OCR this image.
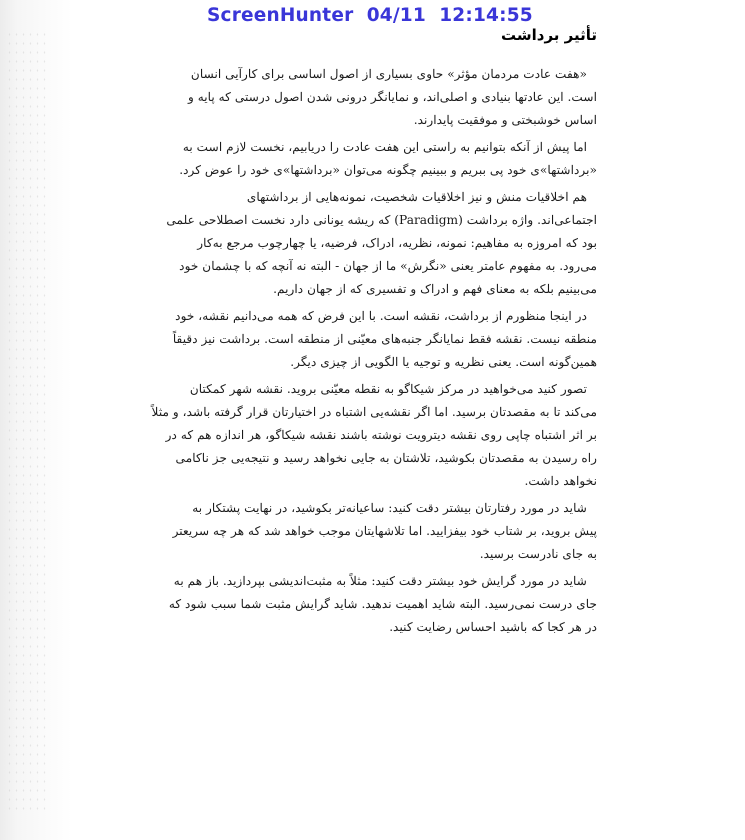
ScreenHunter  04/11  12:14:55
تأثیر برداشت
«هفت عادت مردمان مؤثر» حاوی بسیاری از اصول اساسی برای کارآیی انسان
است. این عادتها بنیادی و اصلی‌اند، و نمایانگر درونی شدن اصول درستی که پایه و
اساس خوشبختی و موفقیت پایدارند.
اما پیش از آنکه بتوانیم به راستی این هفت عادت را دریابیم، نخست لازم است به
«برداشتها»ی خود پی ببریم و ببینیم چگونه می‌توان «برداشتها»ی خود را عوض کرد.
هم اخلاقیات منش و نیز اخلاقیات شخصیت، نمونه‌هایی از برداشتهای
اجتماعی‌اند. واژه برداشت (Paradigm) که ریشه یونانی دارد نخست اصطلاحی علمی
بود که امروزه به مفاهیم: نمونه، نظریه، ادراک، فرضیه، یا چهارچوب مرجع به‌کار
می‌رود. به مفهوم عامتر یعنی «نگرش» ما از جهان - البته نه آنچه که با چشمان خود
می‌بینیم بلکه به معنای فهم و ادراک و تفسیری که از جهان داریم.
در اینجا منظورم از برداشت، نقشه است. با این فرض که همه می‌دانیم نقشه، خود
منطقه نیست. نقشه فقط نمایانگر جنبه‌های معیّنی از منطقه است. برداشت نیز دقیقاً
همین‌گونه است. یعنی نظریه و توجیه یا الگویی از چیزی دیگر.
تصور کنید می‌خواهید در مرکز شیکاگو به نقطه معیّنی بروید. نقشه شهر کمکتان
می‌کند تا به مقصدتان برسید. اما اگر نقشه‌یی اشتباه در اختیارتان قرار گرفته باشد، و مثلاً
بر اثر اشتباه چاپی روی نقشه دیترویت نوشته باشند نقشه شیکاگو، هر اندازه هم که در
راه رسیدن به مقصدتان بکوشید، تلاشتان به جایی نخواهد رسید و نتیجه‌یی جز ناکامی
نخواهد داشت.
شاید در مورد رفتارتان بیشتر دقت کنید: ساعیانه‌تر بکوشید، در نهایت پشتکار به
پیش بروید، بر شتاب خود بیفزایید. اما تلاشهایتان موجب خواهد شد که هر چه سریعتر
به جای نادرست برسید.
شاید در مورد گرایش خود بیشتر دقت کنید: مثلاً به مثبت‌اندیشی بپردازید. باز هم به
جای درست نمی‌رسید. البته شاید اهمیت ندهید. شاید گرایش مثبت شما سبب شود که
در هر کجا که باشید احساس رضایت کنید.
